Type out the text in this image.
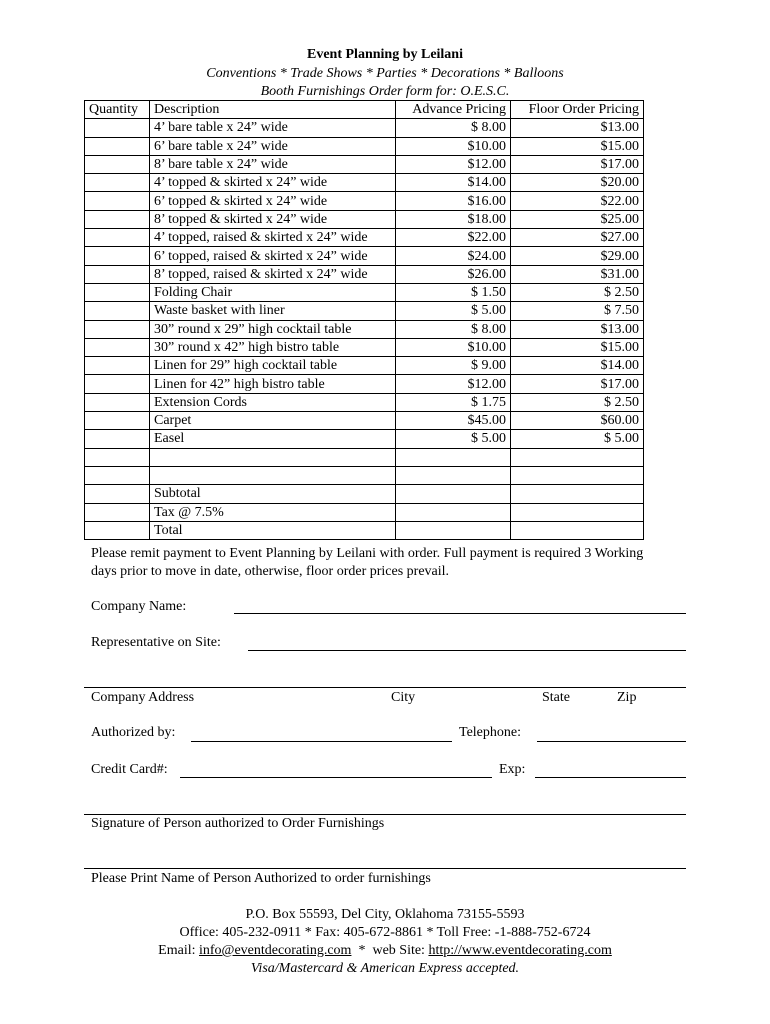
Event Planning by Leilani
Conventions * Trade Shows * Parties * Decorations * Balloons
Booth Furnishings Order form for: O.E.S.C.
Quantity	Description	Advance Pricing	Floor Order Pricing
	4’ bare table x 24” wide	$ 8.00	$13.00
	6’ bare table x 24” wide	$10.00	$15.00
	8’ bare table x 24” wide	$12.00	$17.00
	4’ topped & skirted x 24” wide	$14.00	$20.00
	6’ topped & skirted x 24” wide	$16.00	$22.00
	8’ topped & skirted x 24” wide	$18.00	$25.00
	4’ topped, raised & skirted x 24” wide	$22.00	$27.00
	6’ topped, raised & skirted x 24” wide	$24.00	$29.00
	8’ topped, raised & skirted x 24” wide	$26.00	$31.00
	Folding Chair	$ 1.50	$ 2.50
	Waste basket with liner	$ 5.00	$ 7.50
	30” round x 29” high cocktail table	$ 8.00	$13.00
	30” round x 42” high bistro table	$10.00	$15.00
	Linen for 29” high cocktail table	$ 9.00	$14.00
	Linen for 42” high bistro table	$12.00	$17.00
	Extension Cords	$ 1.75	$ 2.50
	Carpet	$45.00	$60.00
	Easel	$ 5.00	$ 5.00

	Subtotal		
	Tax @ 7.5%		
	Total		
Please remit payment to Event Planning by Leilani with order. Full payment is required 3 Working days prior to move in date, otherwise, floor order prices prevail.
Company Name:
Representative on Site:
Company Address	City	State	Zip
Authorized by:	Telephone:
Credit Card#:	Exp:
Signature of Person authorized to Order Furnishings
Please Print Name of Person Authorized to order furnishings
P.O. Box 55593, Del City, Oklahoma 73155-5593
Office: 405-232-0911 * Fax: 405-672-8861 * Toll Free: -1-888-752-6724
Email: info@eventdecorating.com  *  web Site: http://www.eventdecorating.com
Visa/Mastercard & American Express accepted.
